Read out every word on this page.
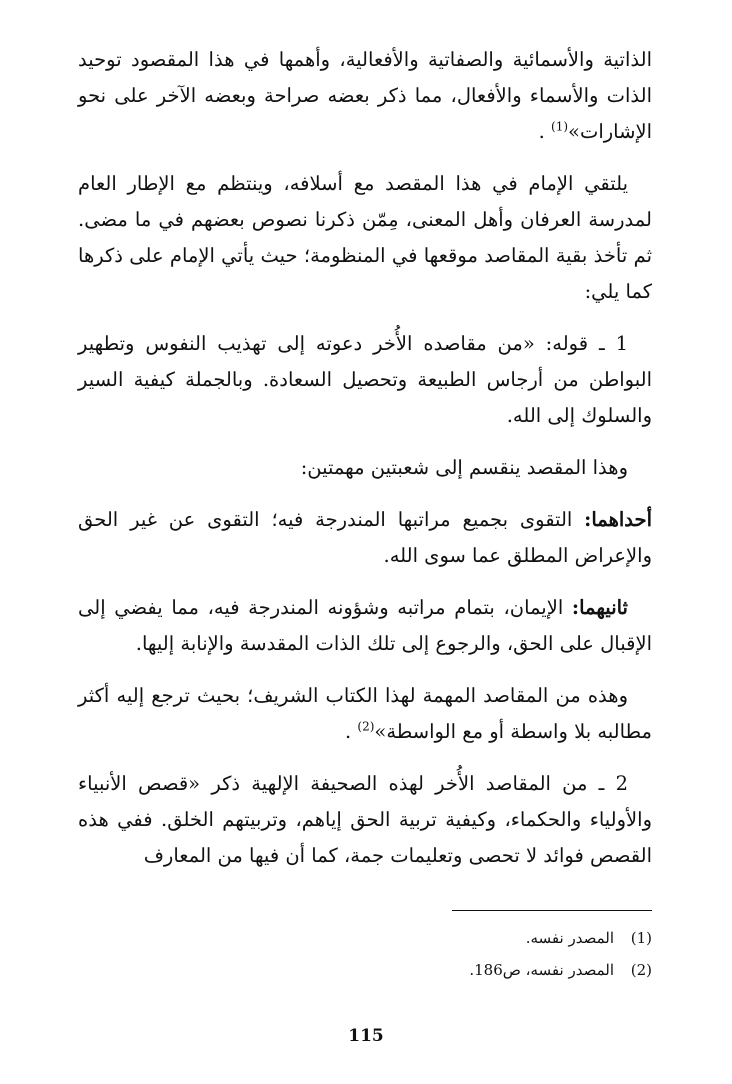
الذاتية والأسمائية والصفاتية والأفعالية، وأهمها في هذا المقصود توحيد الذات والأسماء والأفعال، مما ذكر بعضه صراحة وبعضه الآخر على نحو الإشارات»$^{(1)}$ .

يلتقي الإمام في هذا المقصد مع أسلافه، وينتظم مع الإطار العام لمدرسة العرفان وأهل المعنى، مِمّن ذكرنا نصوص بعضهم في ما مضى. ثم تأخذ بقية المقاصد موقعها في المنظومة؛ حيث يأتي الإمام على ذكرها كما يلي:

1 ـ قوله: «من مقاصده الأُخر دعوته إلى تهذيب النفوس وتطهير البواطن من أرجاس الطبيعة وتحصيل السعادة. وبالجملة كيفية السير والسلوك إلى الله.

وهذا المقصد ينقسم إلى شعبتين مهمتين:

أحداهما: التقوى بجميع مراتبها المندرجة فيه؛ التقوى عن غير الحق والإعراض المطلق عما سوى الله.

ثانيهما: الإيمان، بتمام مراتبه وشؤونه المندرجة فيه، مما يفضي إلى الإقبال على الحق، والرجوع إلى تلك الذات المقدسة والإنابة إليها.

وهذه من المقاصد المهمة لهذا الكتاب الشريف؛ بحيث ترجع إليه أكثر مطالبه بلا واسطة أو مع الواسطة»$^{(2)}$ .

2 ـ من المقاصد الأُخر لهذه الصحيفة الإلهية ذكر «قصص الأنبياء والأولياء والحكماء، وكيفية تربية الحق إياهم، وتربيتهم الخلق. ففي هذه القصص فوائد لا تحصى وتعليمات جمة، كما أن فيها من المعارف

(1)
المصدر نفسه.
(2)
المصدر نفسه، ص186.
115
